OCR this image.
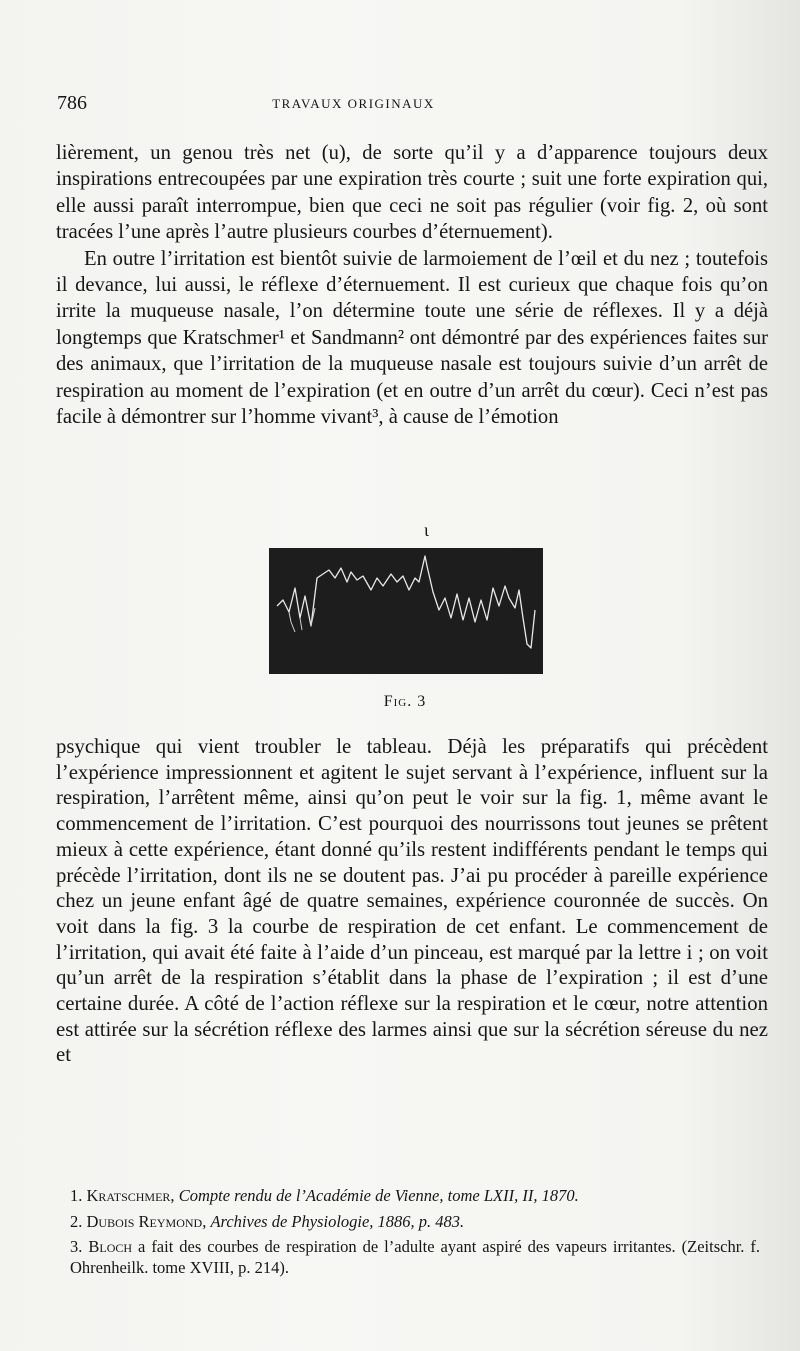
786	TRAVAUX ORIGINAUX

lièrement, un genou très net (u), de sorte qu’il y a d’apparence toujours deux inspirations entrecoupées par une expiration très courte ; suit une forte expiration qui, elle aussi paraît interrompue, bien que ceci ne soit pas régulier (voir fig. 2, où sont tracées l’une après l’autre plusieurs courbes d’éternuement).

En outre l’irritation est bientôt suivie de larmoiement de l’œil et du nez ; toutefois il devance, lui aussi, le réflexe d’éternuement. Il est curieux que chaque fois qu’on irrite la muqueuse nasale, l’on détermine toute une série de réflexes. Il y a déjà longtemps que Kratschmer¹ et Sandmann² ont démontré par des expériences faites sur des animaux, que l’irritation de la muqueuse nasale est toujours suivie d’un arrêt de respiration au moment de l’expiration (et en outre d’un arrêt du cœur). Ceci n’est pas facile à démontrer sur l’homme vivant³, à cause de l’émotion

ι
Fig. 3

psychique qui vient troubler le tableau. Déjà les préparatifs qui précèdent l’expérience impressionnent et agitent le sujet servant à l’expérience, influent sur la respiration, l’arrêtent même, ainsi qu’on peut le voir sur la fig. 1, même avant le commencement de l’irritation. C’est pourquoi des nourrissons tout jeunes se prêtent mieux à cette expérience, étant donné qu’ils restent indifférents pendant le temps qui précède l’irritation, dont ils ne se doutent pas. J’ai pu procéder à pareille expérience chez un jeune enfant âgé de quatre semaines, expérience couronnée de succès. On voit dans la fig. 3 la courbe de respiration de cet enfant. Le commencement de l’irritation, qui avait été faite à l’aide d’un pinceau, est marqué par la lettre i ; on voit qu’un arrêt de la respiration s’établit dans la phase de l’expiration ; il est d’une certaine durée. A côté de l’action réflexe sur la respiration et le cœur, notre attention est attirée sur la sécrétion réflexe des larmes ainsi que sur la sécrétion séreuse du nez et

1. Kratschmer, Compte rendu de l’Académie de Vienne, tome LXII, II, 1870.

2. Dubois Reymond, Archives de Physiologie, 1886, p. 483.

3. Bloch a fait des courbes de respiration de l’adulte ayant aspiré des vapeurs irritantes. (Zeitschr. f. Ohrenheilk. tome XVIII, p. 214).
